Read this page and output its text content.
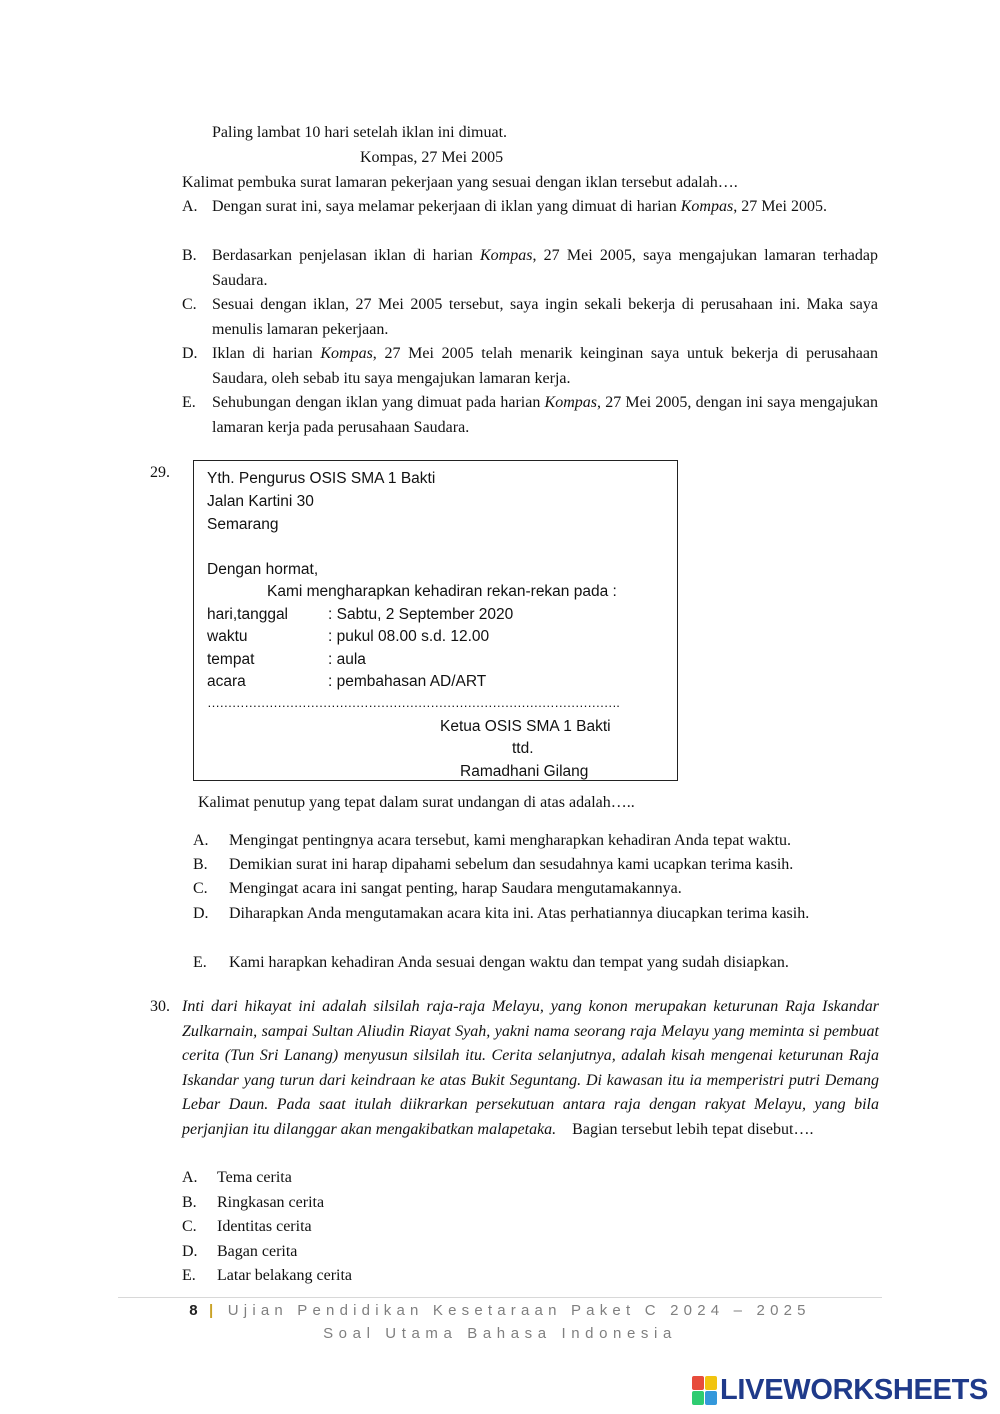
Paling lambat 10 hari setelah iklan ini dimuat.
Kompas, 27 Mei 2005
Kalimat pembuka surat lamaran pekerjaan yang sesuai dengan iklan tersebut adalah….
A. Dengan surat ini, saya melamar pekerjaan di iklan yang dimuat di harian Kompas, 27 Mei 2005.
B. Berdasarkan penjelasan iklan di harian Kompas, 27 Mei 2005, saya mengajukan lamaran terhadap Saudara.
C. Sesuai dengan iklan, 27 Mei 2005 tersebut, saya ingin sekali bekerja di perusahaan ini. Maka saya menulis lamaran pekerjaan.
D. Iklan di harian Kompas, 27 Mei 2005 telah menarik keinginan saya untuk bekerja di perusahaan Saudara, oleh sebab itu saya mengajukan lamaran kerja.
E. Sehubungan dengan iklan yang dimuat pada harian Kompas, 27 Mei 2005, dengan ini saya mengajukan lamaran kerja pada perusahaan Saudara.
29. Yth. Pengurus OSIS SMA 1 Bakti
Jalan Kartini 30
Semarang
Dengan hormat,
Kami mengharapkan kehadiran rekan-rekan pada :
hari,tanggal	: Sabtu, 2 September 2020
waktu	: pukul 08.00 s.d. 12.00
tempat	: aula
acara	: pembahasan AD/ART
……………………………………………………………………………………….
Ketua OSIS SMA 1 Bakti
ttd.
Ramadhani Gilang
Kalimat penutup yang tepat dalam surat undangan di atas adalah…..
A. Mengingat pentingnya acara tersebut, kami mengharapkan kehadiran Anda tepat waktu.
B. Demikian surat ini harap dipahami sebelum dan sesudahnya kami ucapkan terima kasih.
C. Mengingat acara ini sangat penting, harap Saudara mengutamakannya.
D. Diharapkan Anda mengutamakan acara kita ini. Atas perhatiannya diucapkan terima kasih.
E. Kami harapkan kehadiran Anda sesuai dengan waktu dan tempat yang sudah disiapkan.
30. Inti dari hikayat ini adalah silsilah raja-raja Melayu, yang konon merupakan keturunan Raja Iskandar Zulkarnain, sampai Sultan Aliudin Riayat Syah, yakni nama seorang raja Melayu yang meminta si pembuat cerita (Tun Sri Lanang) menyusun silsilah itu. Cerita selanjutnya, adalah kisah mengenai keturunan Raja Iskandar yang turun dari keindraan ke atas Bukit Seguntang. Di kawasan itu ia memperistri putri Demang Lebar Daun. Pada saat itulah diikrarkan persekutuan antara raja dengan rakyat Melayu, yang bila perjanjian itu dilanggar akan mengakibatkan malapetaka. Bagian tersebut lebih tepat disebut….
A. Tema cerita
B. Ringkasan cerita
C. Identitas cerita
D. Bagan cerita
E. Latar belakang cerita
8 | Ujian Pendidikan Kesetaraan Paket C 2024 – 2025
Soal Utama Bahasa Indonesia
LIVEWORKSHEETS
